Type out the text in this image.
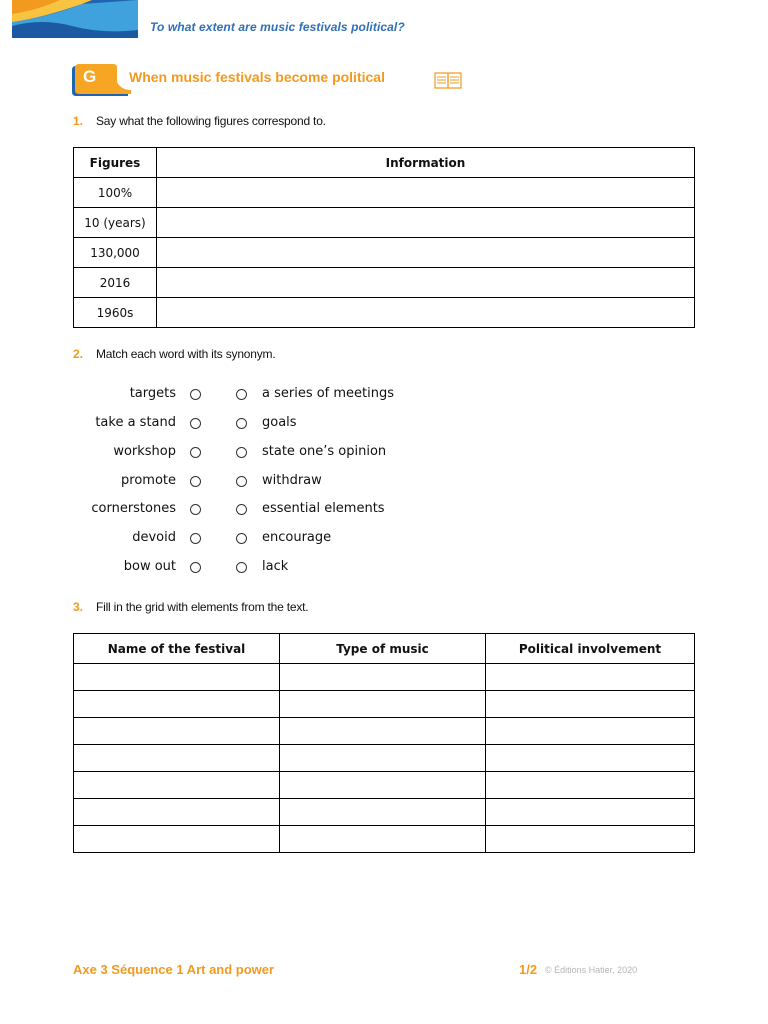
To what extent are music festivals political?
G When music festivals become political
1. Say what the following figures correspond to.
Figures	Information
100%	
10 (years)	
130,000	
2016	
1960s	
2. Match each word with its synonym.
targets
take a stand
workshop
promote
cornerstones
devoid
bow out
a series of meetings
goals
state one’s opinion
withdraw
essential elements
encourage
lack
3. Fill in the grid with elements from the text.
Name of the festival	Type of music	Political involvement

Axe 3 Séquence 1 Art and power	1/2 © Éditions Hatier, 2020
